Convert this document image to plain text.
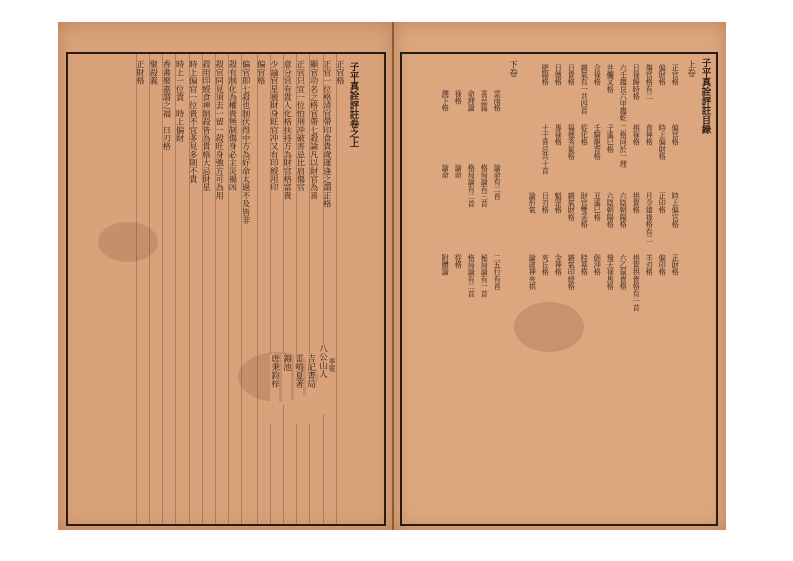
正官格
正官一位格清官帶印食貴歲運逢之謂正格
顯官功名之格官帶七殺論凡以財官為喜
正官只宜一位怕刑冲破害忌比肩傷官
意分官有貴人化格扶持方為財官格富貴
少論官星被財身旺官冲又有印綬用印
偏官格
偏官即七殺也制伏得中方為好命太過不及皆非
殺有制化為權貴無制傷身必主災禍凶
殺官同見須去一留一殺旺身強方可為用
殺用印綬食神制殺皆為貴格大忌財星
時上偏官一位貴不宜多見多則不貴
時上一位貴　時上偏財
香書聚嘉謂之福　日刃格
聚殺義
正財格
八公山人
吉記書局
雷鳴夏著
錦池
唐秉鈞梓
子平真詮評註卷之上
季冕
子平真詮評註目錄
上卷
正官格
偏官格
時上偏官格
正財格
偏財格
時上偏財格
正印格
偏印格
傷官格有二
食神格
月令建祿格有二
羊刃格
日祿歸時格
拱祿格
拱貴格
拱貴拱貴格有一首
六壬趨艮六甲趨乾
二格同於一理
六陰朝陽格
六乙鼠貴格
井欄叉格
子遙巳格
六陰朝陽格
飛天祿馬格
合祿格
壬騎龍背格
丑遙巳格
倒沖格
雜氣有一共四首
從化格
財官雙美格
時墓格
日貴格
福德秀氣格
雜氣財格
雜氣印綬格
日德格
專祿格
魁罡格
金神格
肥陽格
十干喜忌共十首
日刃格
夾丘格
論形氣
論虛神夾拱
下卷
雲雨格
論命有二首
二五行有首
喜忌篇
格局論有三首
秘局論有一首
命理論
格局論有二首
格局論有二首
祿格
論命
從格
潤下格
論命
附體論
